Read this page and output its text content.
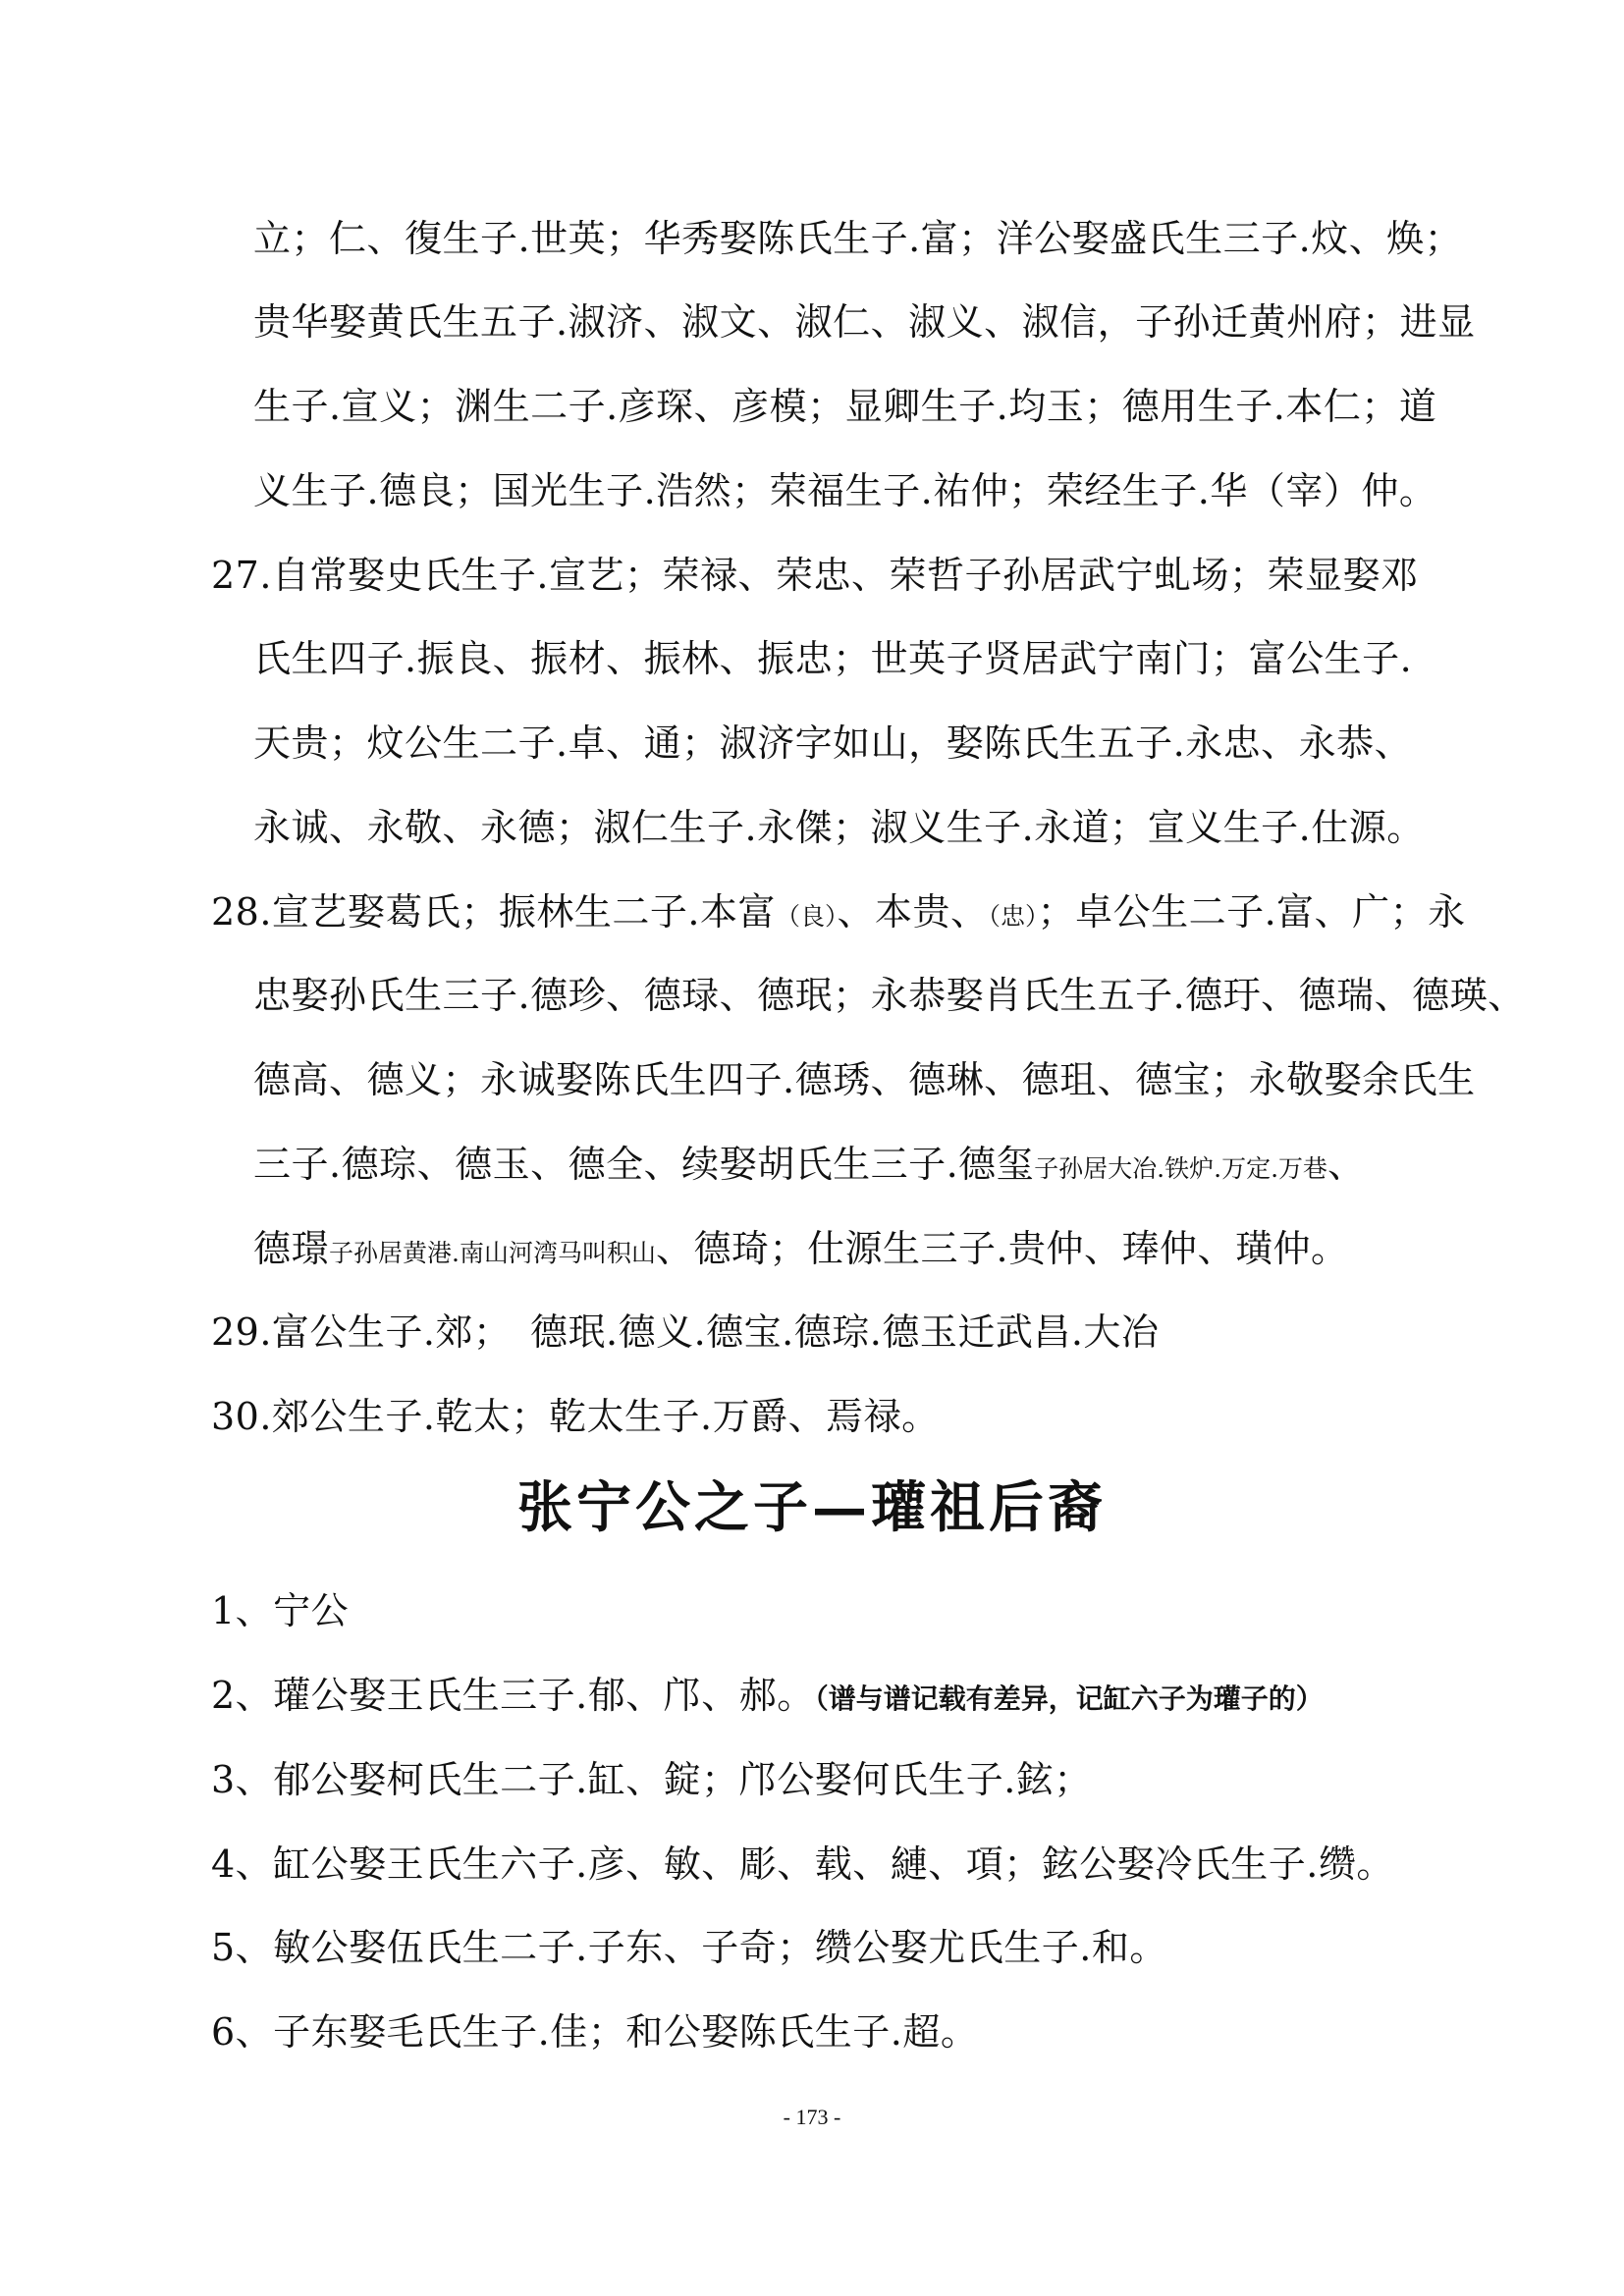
立；仁、復生子.世英；华秀娶陈氏生子.富；洋公娶盛氏生三子.炆、焕；
贵华娶黄氏生五子.淑济、淑文、淑仁、淑义、淑信，子孙迁黄州府；进显
生子.宣义；渊生二子.彦琛、彦模；显卿生子.均玉；德用生子.本仁；道
义生子.德良；国光生子.浩然；荣福生子.祐仲；荣经生子.华（宰）仲。
27.自常娶史氏生子.宣艺；荣禄、荣忠、荣哲子孙居武宁虬场；荣显娶邓
氏生四子.振良、振材、振林、振忠；世英子贤居武宁南门；富公生子.
天贵；炆公生二子.卓、通；淑济字如山，娶陈氏生五子.永忠、永恭、
永诚、永敬、永德；淑仁生子.永傑；淑义生子.永道；宣义生子.仕源。
28.宣艺娶葛氏；振林生二子.本富（良）、本贵、（忠）；卓公生二子.富、广；永
忠娶孙氏生三子.德珍、德琭、德珉；永恭娶肖氏生五子.德玗、德瑞、德瑛、
德高、德义；永诚娶陈氏生四子.德琇、德琳、德珇、德宝；永敬娶余氏生
三子.德琮、德玉、德全、续娶胡氏生三子.德玺子孙居大冶.铁炉.万定.万巷、
德璟子孙居黄港.南山河湾马叫积山、德琦；仕源生三子.贵仲、琫仲、璜仲。
29.富公生子.郊；　德珉.德义.德宝.德琮.德玉迁武昌.大冶
30.郊公生子.乾太；乾太生子.万爵、焉禄。
张宁公之子—瓘祖后裔
1、宁公
2、瓘公娶王氏生三子.郁、邝、郝。（谱与谱记载有差异，记缸六子为瓘子的）
3、郁公娶柯氏生二子.缸、錠；邝公娶何氏生子.鉉；
4、缸公娶王氏生六子.彦、敏、彫、载、縺、項；鉉公娶冷氏生子.缵。
5、敏公娶伍氏生二子.子东、子奇；缵公娶尤氏生子.和。
6、子东娶毛氏生子.佳；和公娶陈氏生子.超。
- 173 -
